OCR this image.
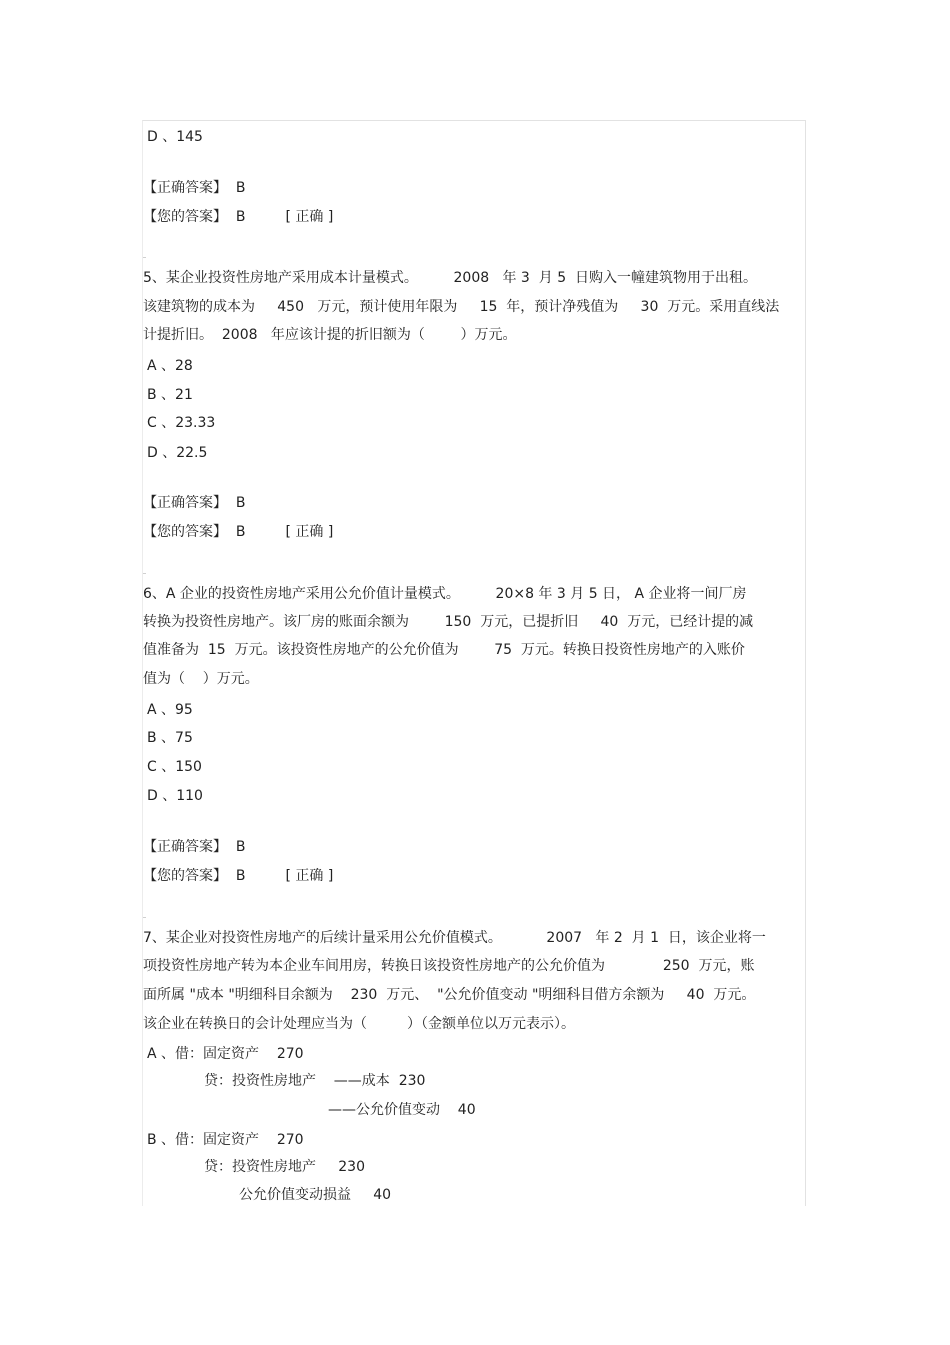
D 、145
【正确答案】  B
【您的答案】  B	[ 正确 ]
5、某企业投资性房地产采用成本计量模式。        2008   年 3  月 5  日购入一幢建筑物用于出租。
该建筑物的成本为     450   万元，预计使用年限为     15  年，预计净残值为     30  万元。采用直线法
计提折旧。  2008   年应该计提的折旧额为（        ）万元。
A 、28
B 、21
C 、23.33
D 、22.5
【正确答案】  B
【您的答案】  B	[ 正确 ]
6、A 企业的投资性房地产采用公允价值计量模式。        20×8 年 3 月 5 日， A 企业将一间厂房
转换为投资性房地产。该厂房的账面余额为        150  万元，已提折旧     40  万元，已经计提的减
值准备为  15  万元。该投资性房地产的公允价值为        75  万元。转换日投资性房地产的入账价
值为（    ）万元。
A 、95
B 、75
C 、150
D 、110
【正确答案】  B
【您的答案】  B	[ 正确 ]
7、某企业对投资性房地产的后续计量采用公允价值模式。          2007   年 2  月 1  日，该企业将一
项投资性房地产转为本企业车间用房，转换日该投资性房地产的公允价值为             250  万元，账
面所属 "成本 "明细科目余额为    230  万元、  "公允价值变动 "明细科目借方余额为     40  万元。
该企业在转换日的会计处理应当为（         ）（金额单位以万元表示）。
A 、借：固定资产    270
贷：投资性房地产    ——成本  230
——公允价值变动    40
B 、借：固定资产    270
贷：投资性房地产     230
公允价值变动损益     40
